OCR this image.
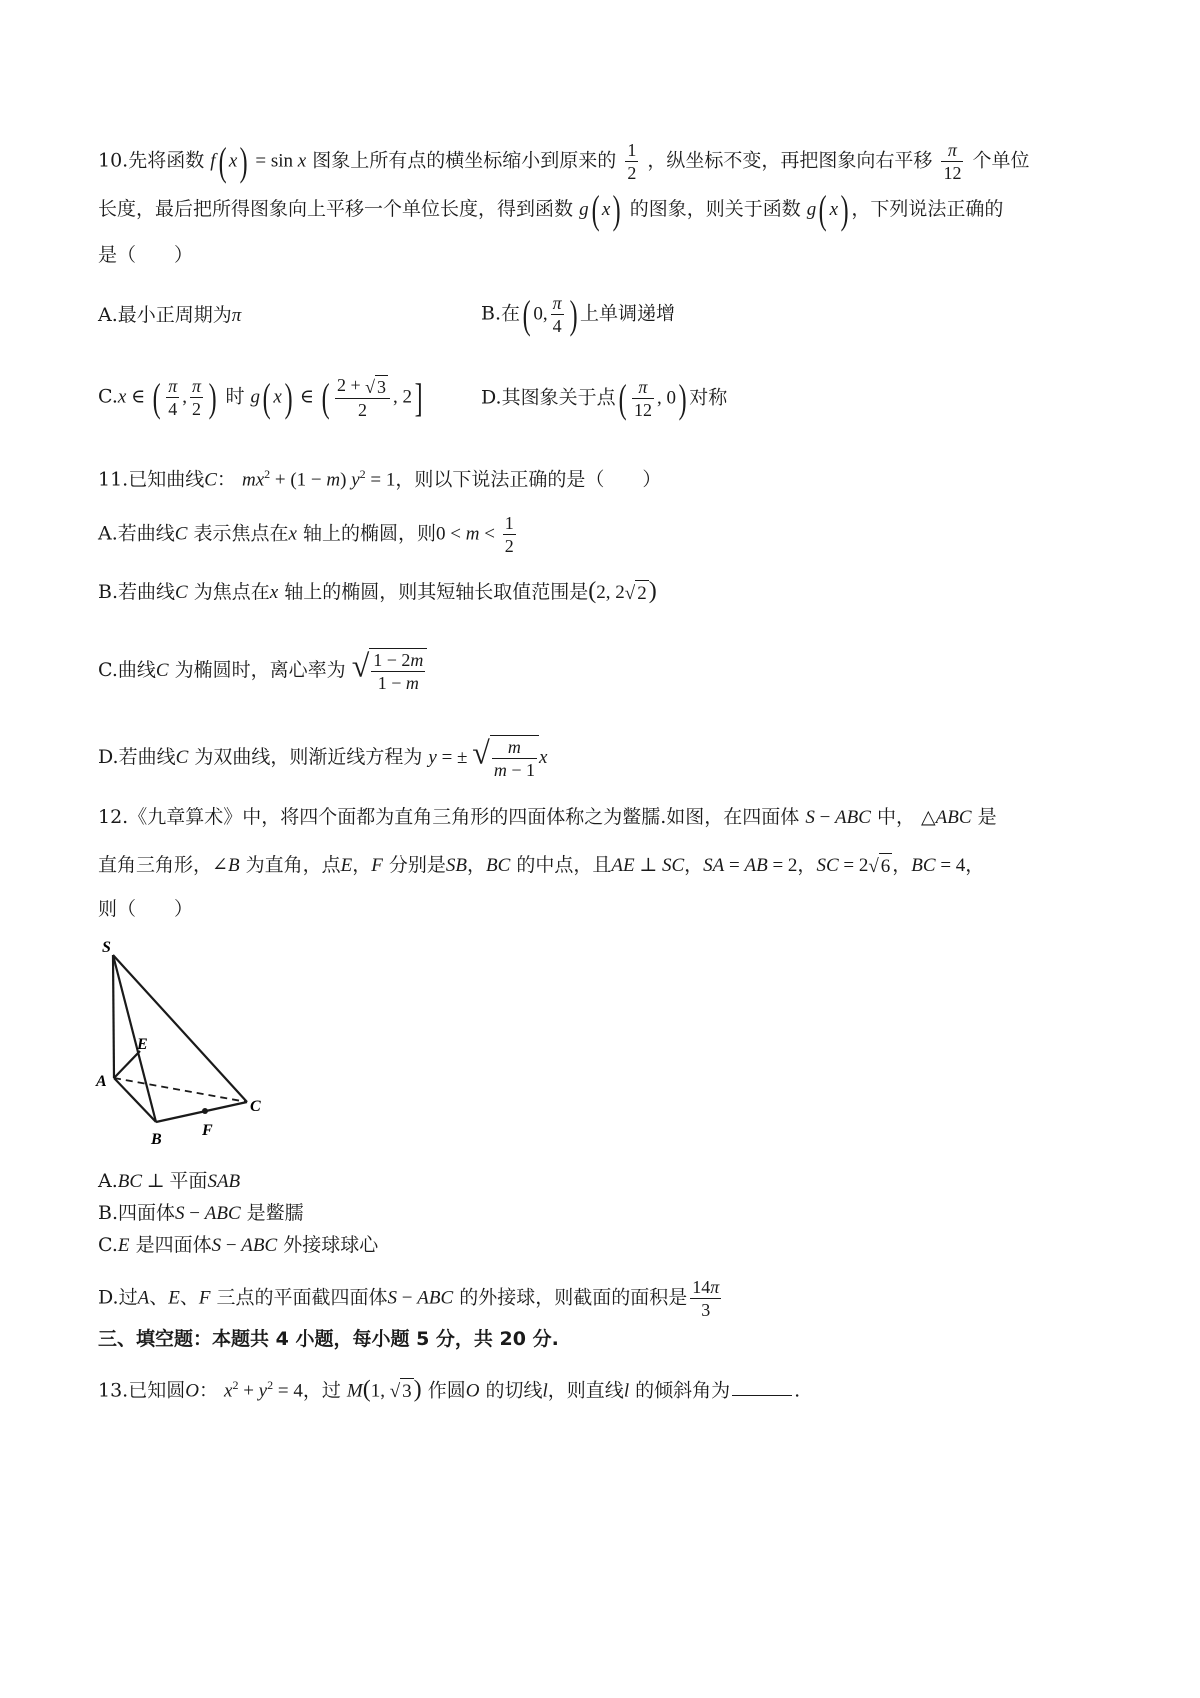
10.先将函数 f( x) = sin x 图象上所有点的横坐标缩小到原来的 $\frac{1}{2}$ ，纵坐标不变，再把图象向右平移 $\frac{\pi}{12}$ 个单位
长度，最后把所得图象向上平移一个单位长度，得到函数 g( x) 的图象，则关于函数 g( x) ，下列说法正确的
是（　　）
A.最小正周期为π	B.在( 0, $\frac{\pi}{4}$ ) 上单调递增
C.x ∈ ( $\frac{\pi}{4}$ , $\frac{\pi}{2}$ ) 时 g( x) ∈ ( $\frac{2 + √ 3}{2}$ , 2]	D.其图象关于点( $\frac{\pi}{12}$ , 0) 对称
11.已知曲线C： $mx^2 + (1 - m) y^2 = 1$，则以下说法正确的是（　　）
A.若曲线C 表示焦点在x 轴上的椭圆，则$0 < m < \frac{1}{2}$
B.若曲线C 为焦点在x 轴上的椭圆，则其短轴长取值范围是(2, 2√ 2)
C.曲线C 为椭圆时，离心率为 √ $\frac{1 - 2m}{1 - m}$
D.若曲线C 为双曲线，则渐近线方程为 y = ± √ $\frac{m}{m - 1}$ x
12.《九章算术》中，将四个面都为直角三角形的四面体称之为鳖臑.如图，在四面体 S − ABC 中， △ABC 是
直角三角形，∠B 为直角，点E，F 分别是SB，BC 的中点，且AE ⊥ SC，SA = AB = 2，SC = 2√ 6 ，BC = 4，
则（　　）
S
E
A
C
B
F
A.BC ⊥ 平面SAB
B.四面体S − ABC 是鳖臑
C.E 是四面体S − ABC 外接球球心
D.过A、E、F 三点的平面截四面体S − ABC 的外接球，则截面的面积是 $\frac{14\pi}{3}$
三、填空题：本题共 4 小题，每小题 5 分，共 20 分.
13.已知圆O： $x^2 + y^2 = 4$，过 M(1, √ 3) 作圆O 的切线l，则直线l 的倾斜角为	.
